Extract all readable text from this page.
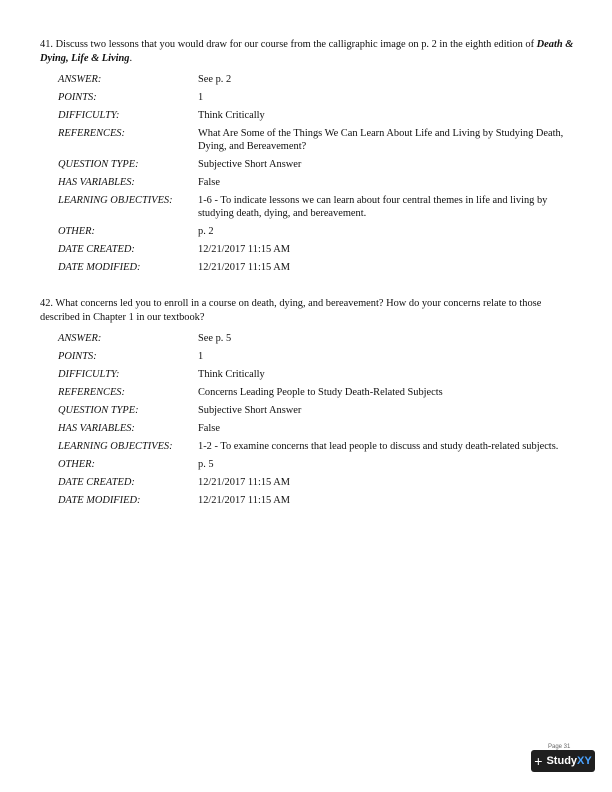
41. Discuss two lessons that you would draw for our course from the calligraphic image on p. 2 in the eighth edition of Death & Dying, Life & Living.

ANSWER:	See p. 2
POINTS:	1
DIFFICULTY:	Think Critically
REFERENCES:	What Are Some of the Things We Can Learn About Life and Living by Studying Death, Dying, and Bereavement?
QUESTION TYPE:	Subjective Short Answer
HAS VARIABLES:	False
LEARNING OBJECTIVES:	1-6 - To indicate lessons we can learn about four central themes in life and living by studying death, dying, and bereavement.
OTHER:	p. 2
DATE CREATED:	12/21/2017 11:15 AM
DATE MODIFIED:	12/21/2017 11:15 AM

42. What concerns led you to enroll in a course on death, dying, and bereavement? How do your concerns relate to those described in Chapter 1 in our textbook?

ANSWER:	See p. 5
POINTS:	1
DIFFICULTY:	Think Critically
REFERENCES:	Concerns Leading People to Study Death-Related Subjects
QUESTION TYPE:	Subjective Short Answer
HAS VARIABLES:	False
LEARNING OBJECTIVES:	1-2 - To examine concerns that lead people to discuss and study death-related subjects.
OTHER:	p. 5
DATE CREATED:	12/21/2017 11:15 AM
DATE MODIFIED:	12/21/2017 11:15 AM
Page 31
+ StudyXY
